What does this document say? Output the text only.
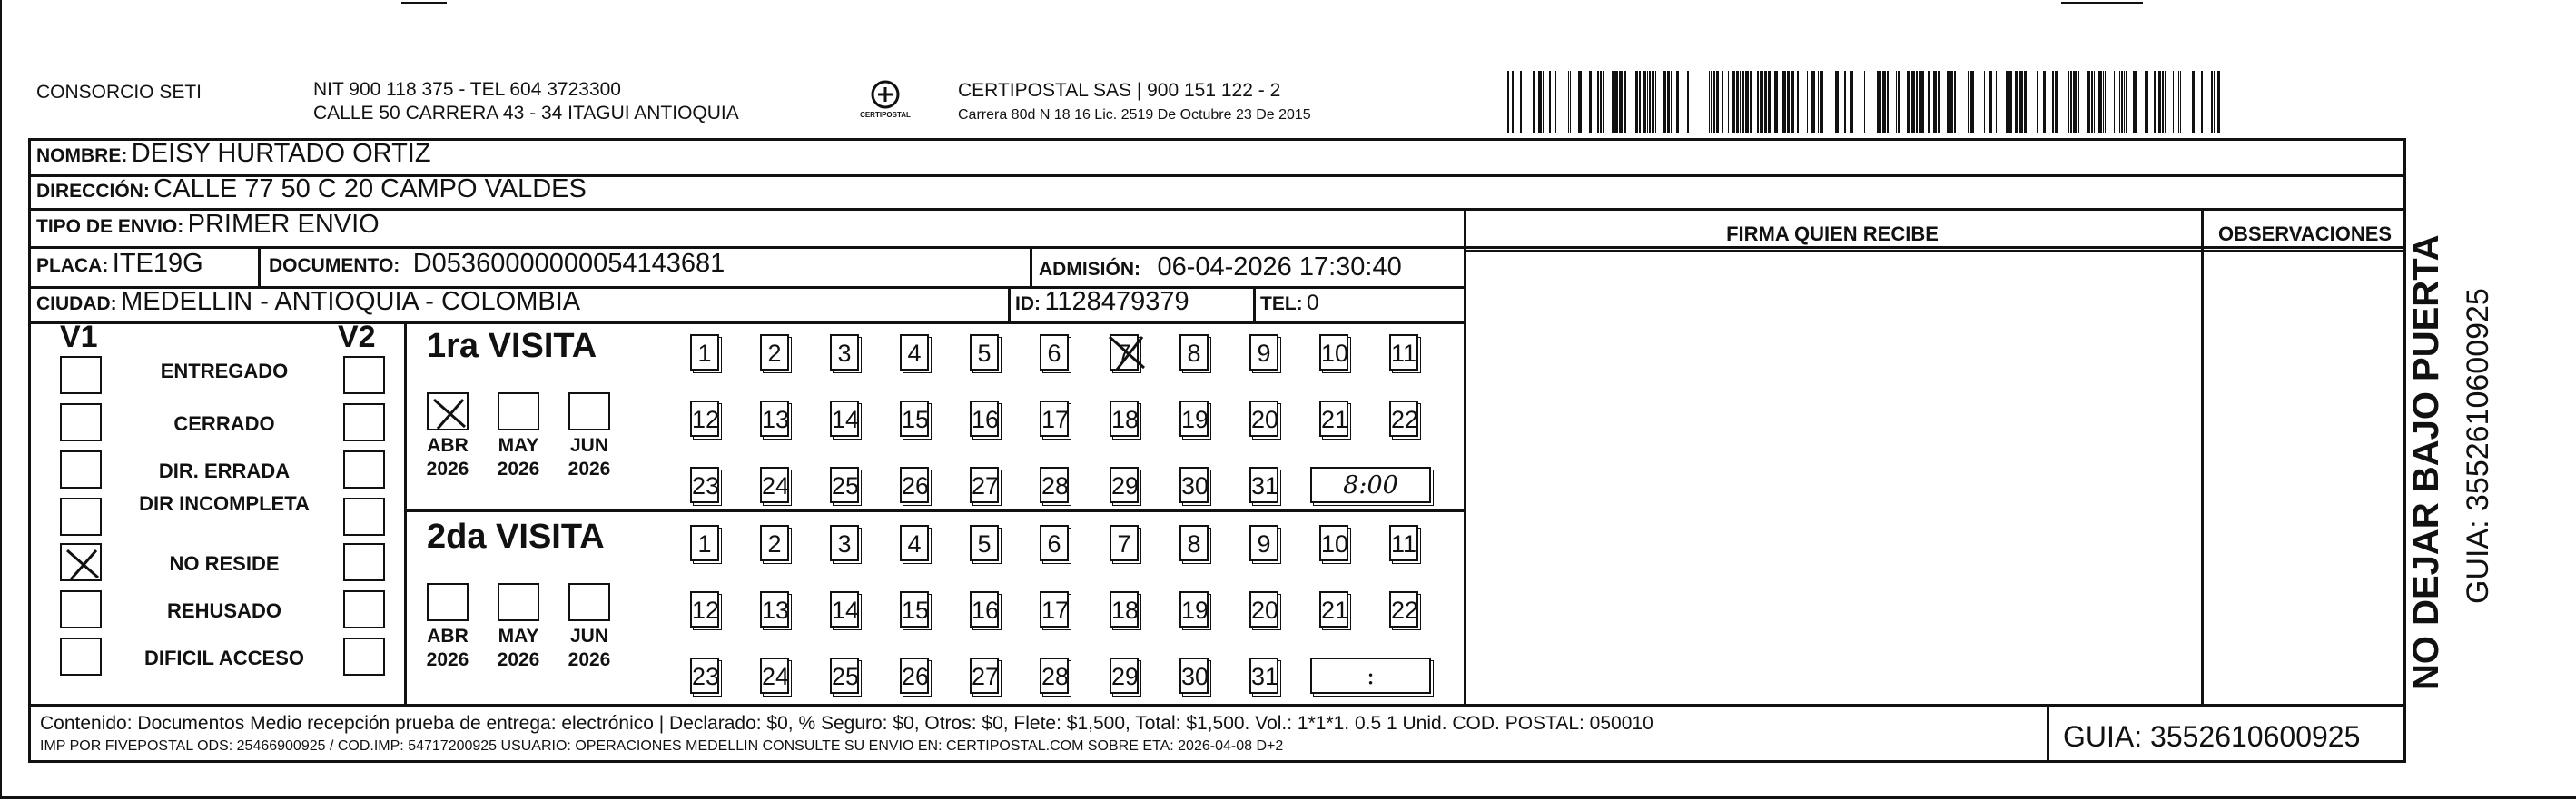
CONSORCIO SETI	NIT 900 118 375 - TEL 604 3723300
CALLE 50 CARRERA 43 - 34 ITAGUI ANTIOQUIA	CERTIPOSTAL
CERTIPOSTAL SAS | 900 151 122 - 2
Carrera 80d N 18 16 Lic. 2519 De Octubre 23 De 2015
NOMBRE: DEISY HURTADO ORTIZ
DIRECCIÓN: CALLE 77 50 C 20 CAMPO VALDES
TIPO DE ENVIO: PRIMER ENVIO	FIRMA QUIEN RECIBE	OBSERVACIONES
PLACA: ITE19G	DOCUMENTO: D05360000000054143681	ADMISIÓN: 06-04-2026 17:30:40
CIUDAD: MEDELLIN - ANTIOQUIA - COLOMBIA	ID: 1128479379	TEL: 0
V1	V2
ENTREGADO
CERRADO
DIR. ERRADA
DIR INCOMPLETA
NO RESIDE
REHUSADO
DIFICIL ACCESO
1ra VISITA
ABR
2026
MAY
2026
JUN
2026
1	2	3	4	5	6	7	8	9	10 11
12 13 14 15 16 17 18 19 20 21 22
23 24 25 26 27 28 29 30 31	8:00
2da VISITA
ABR
2026
MAY
2026
JUN
2026
1	2	3	4	5	6	7	8	9	10 11
12 13 14 15 16 17 18 19 20 21 22
23 24 25 26 27 28 29 30 31	:
Contenido: Documentos Medio recepción prueba de entrega: electrónico | Declarado: $0, % Seguro: $0, Otros: $0, Flete: $1,500, Total: $1,500. Vol.: 1*1*1. 0.5 1 Unid. COD. POSTAL: 050010
IMP POR FIVEPOSTAL ODS: 25466900925 / COD.IMP: 54717200925 USUARIO: OPERACIONES MEDELLIN CONSULTE SU ENVIO EN: CERTIPOSTAL.COM SOBRE ETA: 2026-04-08 D+2	GUIA: 3552610600925
NO DEJAR BAJO PUERTA GUIA: 3552610600925
